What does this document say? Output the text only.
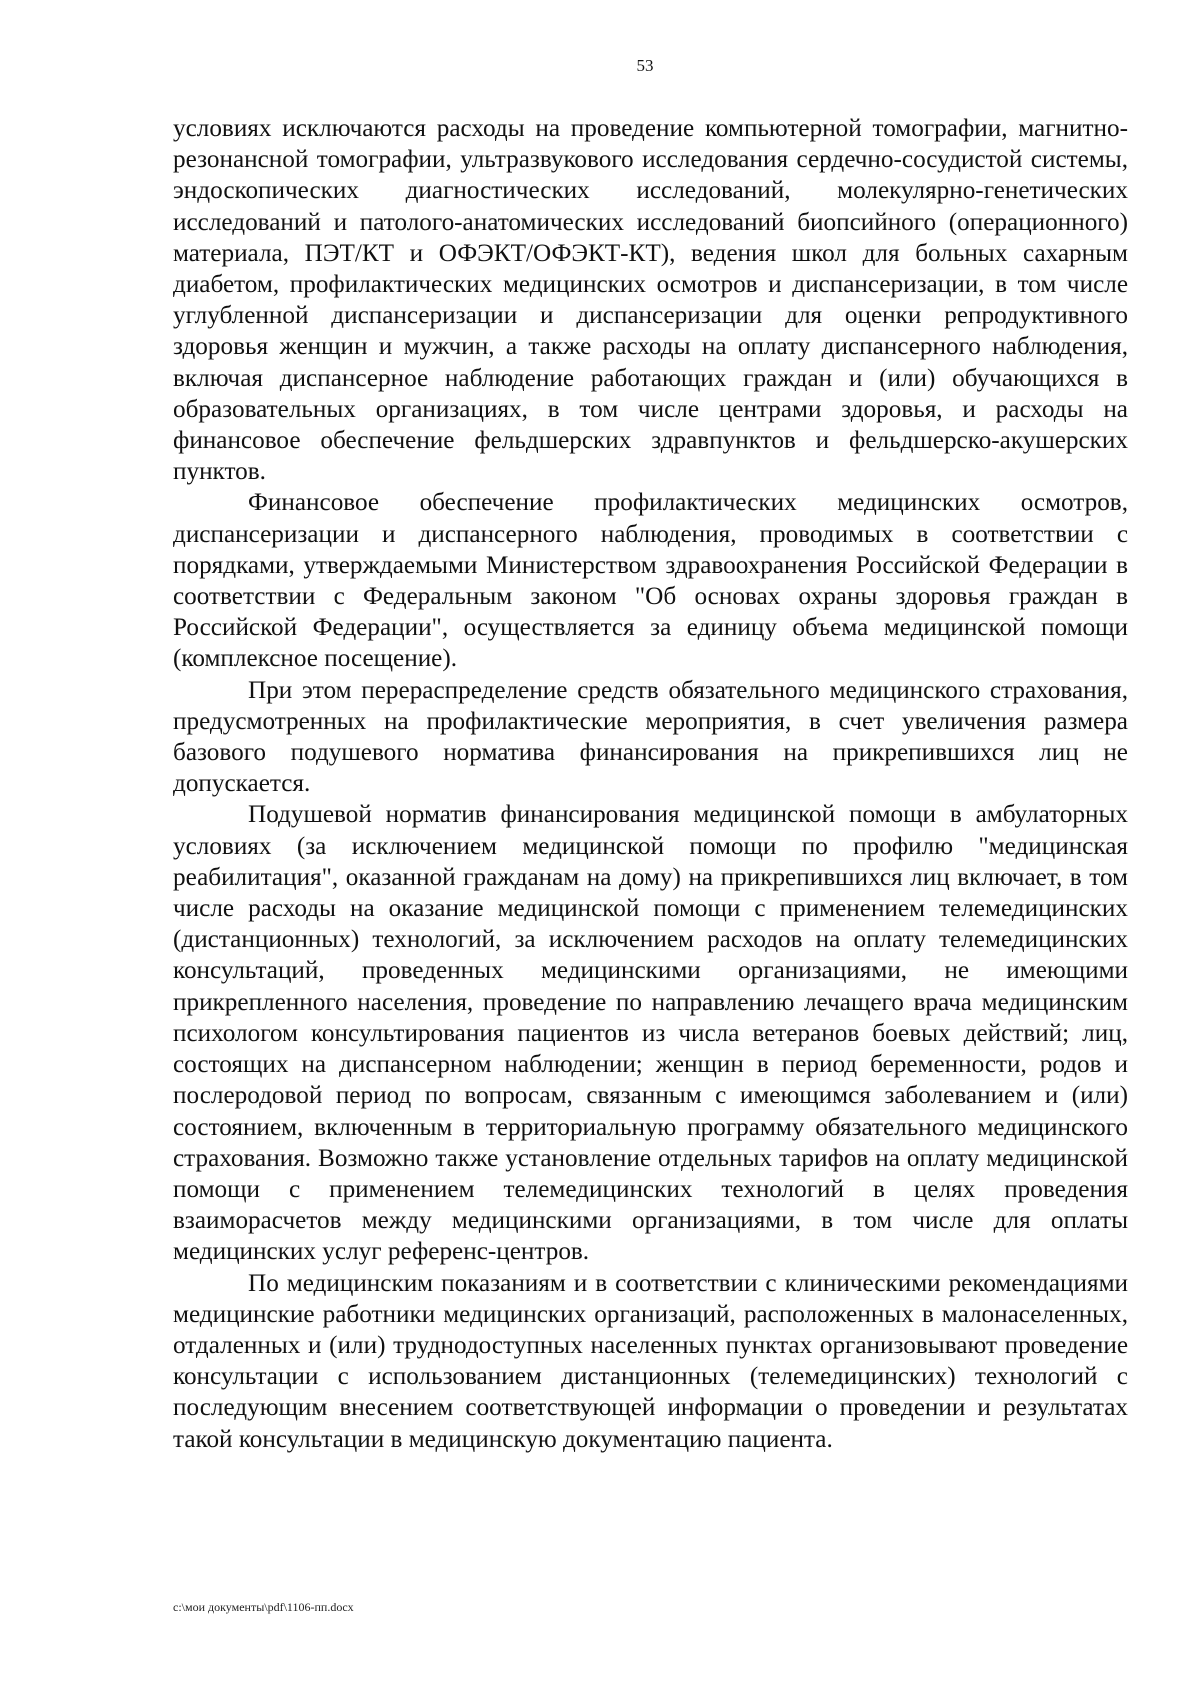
53

условиях исключаются расходы на проведение компьютерной томографии, магнитно-резонансной томографии, ультразвукового исследования сердечно-сосудистой системы, эндоскопических диагностических исследований, молекулярно-генетических исследований и патолого-анатомических исследований биопсийного (операционного) материала, ПЭТ/КТ и ОФЭКТ/ОФЭКТ-КТ), ведения школ для больных сахарным диабетом, профилактических медицинских осмотров и диспансеризации, в том числе углубленной диспансеризации и диспансеризации для оценки репродуктивного здоровья женщин и мужчин, а также расходы на оплату диспансерного наблюдения, включая диспансерное наблюдение работающих граждан и (или) обучающихся в образовательных организациях, в том числе центрами здоровья, и расходы на финансовое обеспечение фельдшерских здравпунктов и фельдшерско-акушерских пунктов.

Финансовое обеспечение профилактических медицинских осмотров, диспансеризации и диспансерного наблюдения, проводимых в соответствии с порядками, утверждаемыми Министерством здравоохранения Российской Федерации в соответствии с Федеральным законом "Об основах охраны здоровья граждан в Российской Федерации", осуществляется за единицу объема медицинской помощи (комплексное посещение).

При этом перераспределение средств обязательного медицинского страхования, предусмотренных на профилактические мероприятия, в счет увеличения размера базового подушевого норматива финансирования на прикрепившихся лиц не допускается.

Подушевой норматив финансирования медицинской помощи в амбулаторных условиях (за исключением медицинской помощи по профилю "медицинская реабилитация", оказанной гражданам на дому) на прикрепившихся лиц включает, в том числе расходы на оказание медицинской помощи с применением телемедицинских (дистанционных) технологий, за исключением расходов на оплату телемедицинских консультаций, проведенных медицинскими организациями, не имеющими прикрепленного населения, проведение по направлению лечащего врача медицинским психологом консультирования пациентов из числа ветеранов боевых действий; лиц, состоящих на диспансерном наблюдении; женщин в период беременности, родов и послеродовой период по вопросам, связанным с имеющимся заболеванием и (или) состоянием, включенным в территориальную программу обязательного медицинского страхования. Возможно также установление отдельных тарифов на оплату медицинской помощи с применением телемедицинских технологий в целях проведения взаиморасчетов между медицинскими организациями, в том числе для оплаты медицинских услуг референс-центров.

По медицинским показаниям и в соответствии с клиническими рекомендациями медицинские работники медицинских организаций, расположенных в малонаселенных, отдаленных и (или) труднодоступных населенных пунктах организовывают проведение консультации с использованием дистанционных (телемедицинских) технологий с последующим внесением соответствующей информации о проведении и результатах такой консультации в медицинскую документацию пациента.

c:\мои документы\pdf\1106-пп.docx
